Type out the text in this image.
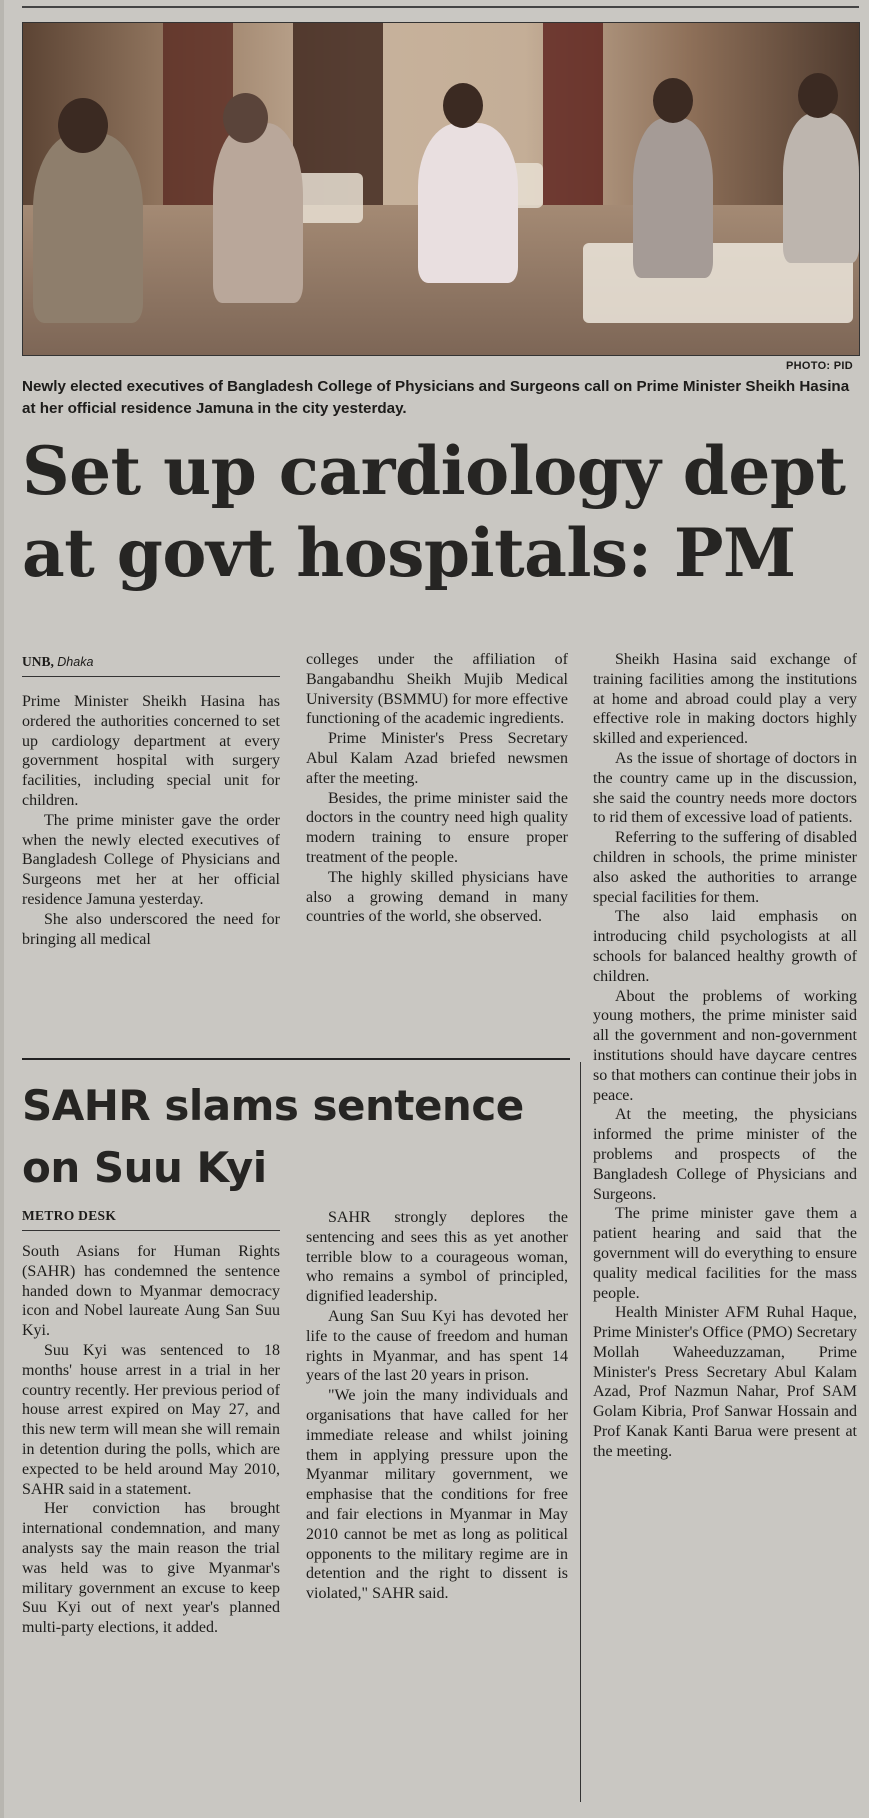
PHOTO: PID
Newly elected executives of Bangladesh College of Physicians and Surgeons call on Prime Minister Sheikh Hasina at her official residence Jamuna in the city yesterday.
Set up cardiology dept
at govt hospitals: PM
UNB, Dhaka

Prime Minister Sheikh Hasina has ordered the authorities concerned to set up cardiology department at every government hospital with surgery facilities, including special unit for children.

The prime minister gave the order when the newly elected executives of Bangladesh College of Physicians and Surgeons met her at her official residence Jamuna yesterday.

She also underscored the need for bringing all medical

colleges under the affiliation of Bangabandhu Sheikh Mujib Medical University (BSMMU) for more effective functioning of the academic ingredients.

Prime Minister's Press Secretary Abul Kalam Azad briefed newsmen after the meeting.

Besides, the prime minister said the doctors in the country need high quality modern training to ensure proper treatment of the people.

The highly skilled physicians have also a growing demand in many countries of the world, she observed.

Sheikh Hasina said exchange of training facilities among the institutions at home and abroad could play a very effective role in making doctors highly skilled and experienced.

As the issue of shortage of doctors in the country came up in the discussion, she said the country needs more doctors to rid them of excessive load of patients.

Referring to the suffering of disabled children in schools, the prime minister also asked the authorities to arrange special facilities for them.

The also laid emphasis on introducing child psychologists at all schools for balanced healthy growth of children.

About the problems of working young mothers, the prime minister said all the government and non-government institutions should have daycare centres so that mothers can continue their jobs in peace.

At the meeting, the physicians informed the prime minister of the problems and prospects of the Bangladesh College of Physicians and Surgeons.

The prime minister gave them a patient hearing and said that the government will do everything to ensure quality medical facilities for the mass people.

Health Minister AFM Ruhal Haque, Prime Minister's Office (PMO) Secretary Mollah Waheeduzzaman, Prime Minister's Press Secretary Abul Kalam Azad, Prof Nazmun Nahar, Prof SAM Golam Kibria, Prof Sanwar Hossain and Prof Kanak Kanti Barua were present at the meeting.

SAHR slams sentence
on Suu Kyi
METRO DESK

South Asians for Human Rights (SAHR) has condemned the sentence handed down to Myanmar democracy icon and Nobel laureate Aung San Suu Kyi.

Suu Kyi was sentenced to 18 months' house arrest in a trial in her country recently. Her previous period of house arrest expired on May 27, and this new term will mean she will remain in detention during the polls, which are expected to be held around May 2010, SAHR said in a statement.

Her conviction has brought international condemnation, and many analysts say the main reason the trial was held was to give Myanmar's military government an excuse to keep Suu Kyi out of next year's planned multi-party elections, it added.

SAHR strongly deplores the sentencing and sees this as yet another terrible blow to a courageous woman, who remains a symbol of principled, dignified leadership.

Aung San Suu Kyi has devoted her life to the cause of freedom and human rights in Myanmar, and has spent 14 years of the last 20 years in prison.

"We join the many individuals and organisations that have called for her immediate release and whilst joining them in applying pressure upon the Myanmar military government, we emphasise that the conditions for free and fair elections in Myanmar in May 2010 cannot be met as long as political opponents to the military regime are in detention and the right to dissent is violated," SAHR said.
